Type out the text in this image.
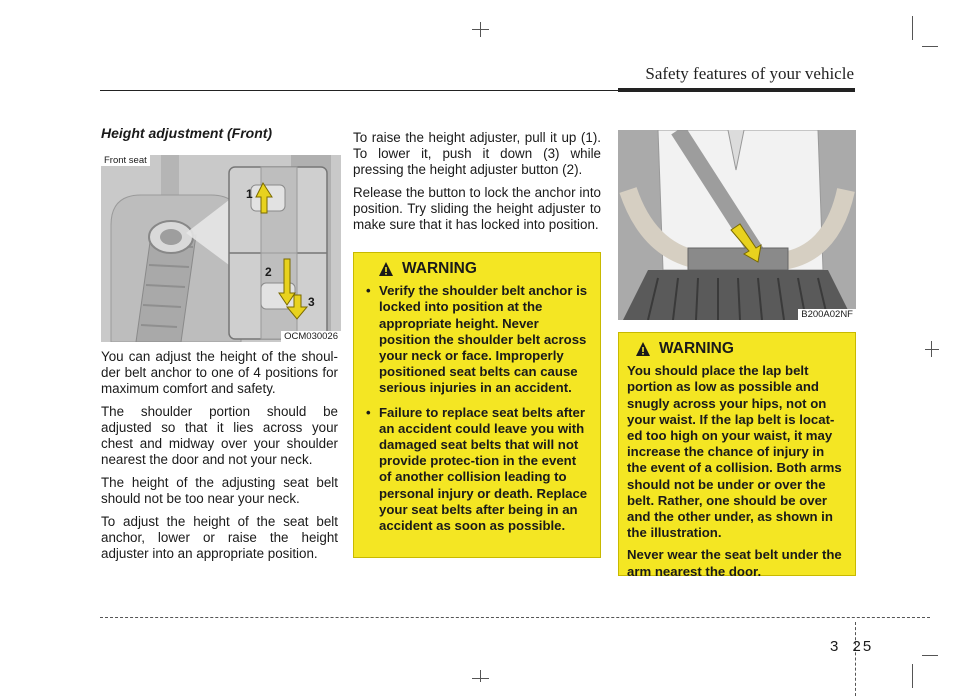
Safety features of your vehicle
Height adjustment (Front)
Front seat
1
2
3
OCM030026

You can adjust the height of the shoul-der belt anchor to one of 4 positions for maximum comfort and safety.

The shoulder portion should be adjusted so that it lies across your chest and midway over your shoulder nearest the door and not your neck.

The height of the adjusting seat belt should not be too near your neck.

To adjust the height of the seat belt anchor, lower or raise the height adjuster into an appropriate position.

To raise the height adjuster, pull it up (1). To lower it, push it down (3) while pressing the height adjuster button (2).

Release the button to lock the anchor into position. Try sliding the height adjuster to make sure that it has locked into position.

WARNING
• Verify the shoulder belt anchor is locked into position at the appropriate height. Never position the shoulder belt across your neck or face. Improperly positioned seat belts can cause serious injuries in an accident.
• Failure to replace seat belts after an accident could leave you with damaged seat belts that will not provide protec-tion in the event of another collision leading to personal injury or death. Replace your seat belts after being in an accident as soon as possible.
B200A02NF
WARNING

You should place the lap belt portion as low as possible and snugly across your hips, not on your waist. If the lap belt is locat-ed too high on your waist, it may increase the chance of injury in the event of a collision. Both arms should not be under or over the belt. Rather, one should be over and the other under, as shown in the illustration.

Never wear the seat belt under the arm nearest the door.

3 25
